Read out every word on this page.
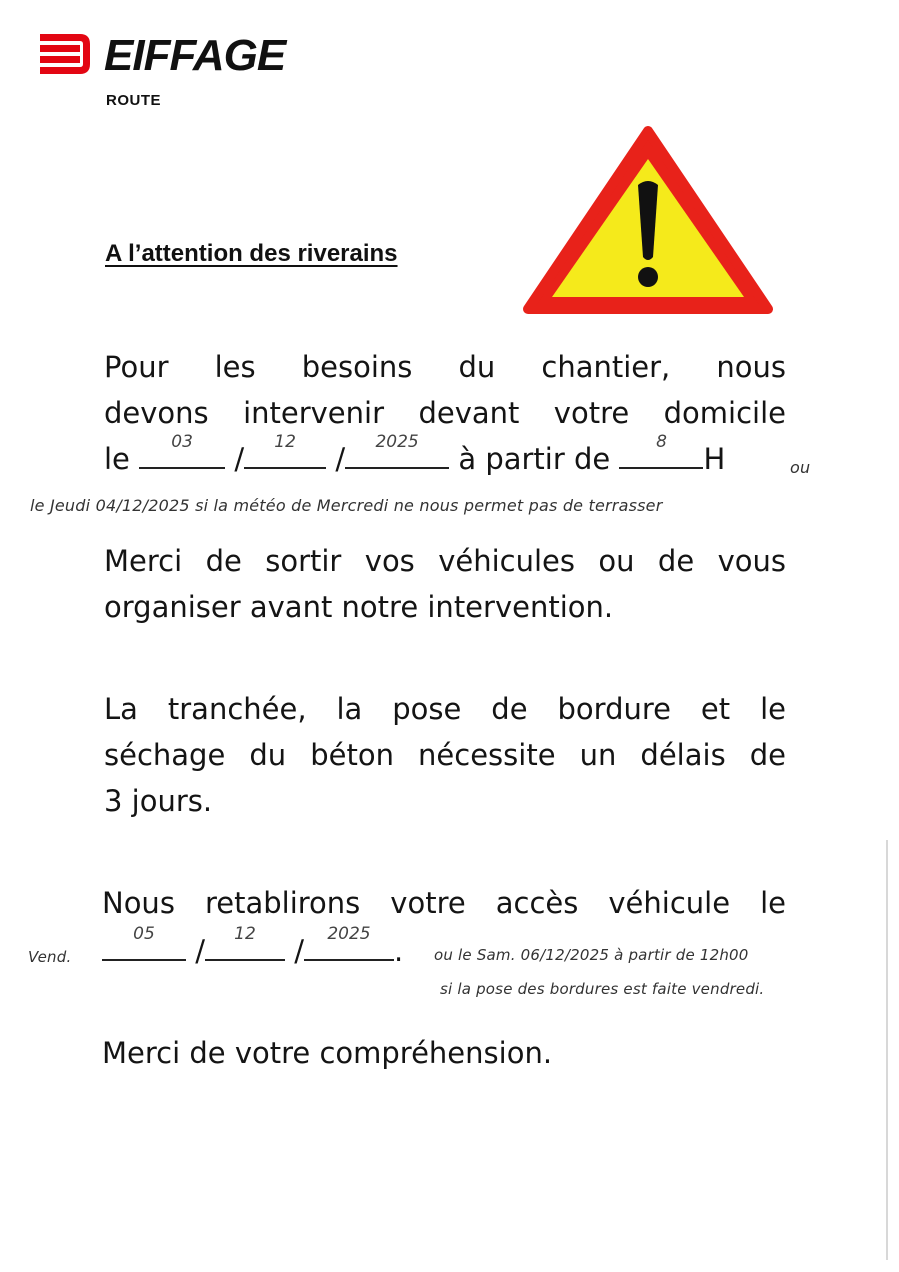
EIFFAGE
ROUTE
A l’attention des riverains
Pour les besoins du chantier, nous
devons intervenir devant votre domicile
le	03	/	12	/	2025	à partir de	8	H	ou
le Jeudi 04/12/2025 si la météo de Mercredi ne nous permet pas de terrasser
Merci de sortir vos véhicules ou de vous
organiser avant notre intervention.
La tranchée, la pose de bordure et le
séchage du béton nécessite un délais de
3 jours.
Nous retablirons votre accès véhicule le
Vend.
05	/	12	/	2025 . ou le Sam. 06/12/2025 à partir de 12h00
si la pose des bordures est faite vendredi.
Merci de votre compréhension.
